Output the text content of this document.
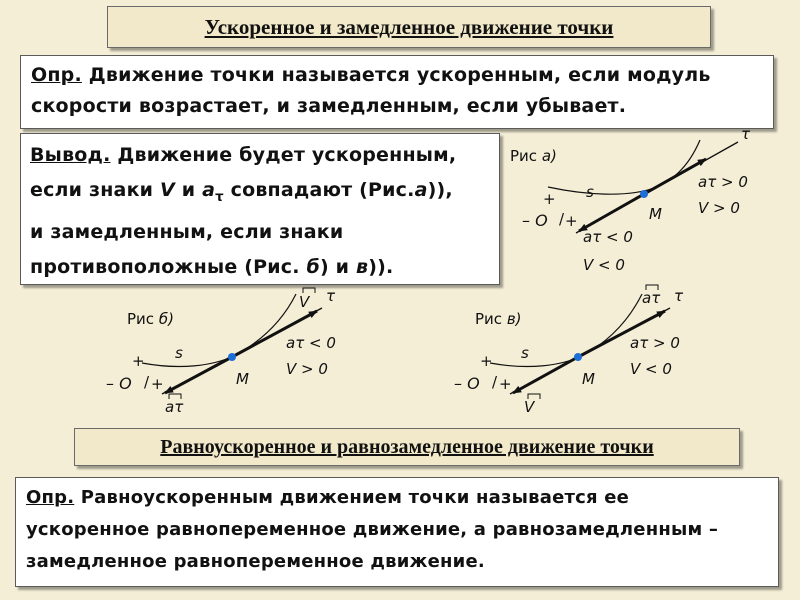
Ускоренное и замедленное движение точки
Опр. Движение точки называется ускоренным, если модуль
скорости возрастает, и замедленным, если убывает.
Вывод. Движение будет ускоренным,
если знаки V и $a_\tau$ совпадают (Рис.а)),
и замедленным, если знаки
противоположные (Рис. б) и в)).
Рис а)
τ
s
+
– O / +	M
aτ > 0
V > 0
aτ < 0
V < 0
Рис б)
V τ
s
+
– O / +	M
aτ < 0
V > 0
aτ
Рис в)
aτ τ
s
+
– O / +	M
aτ > 0
V < 0
V
Равноускоренное и равнозамедленное движение точки
Опр. Равноускоренным движением точки называется ее
ускоренное равнопеременное движение, а равнозамедленным –
замедленное равнопеременное движение.
